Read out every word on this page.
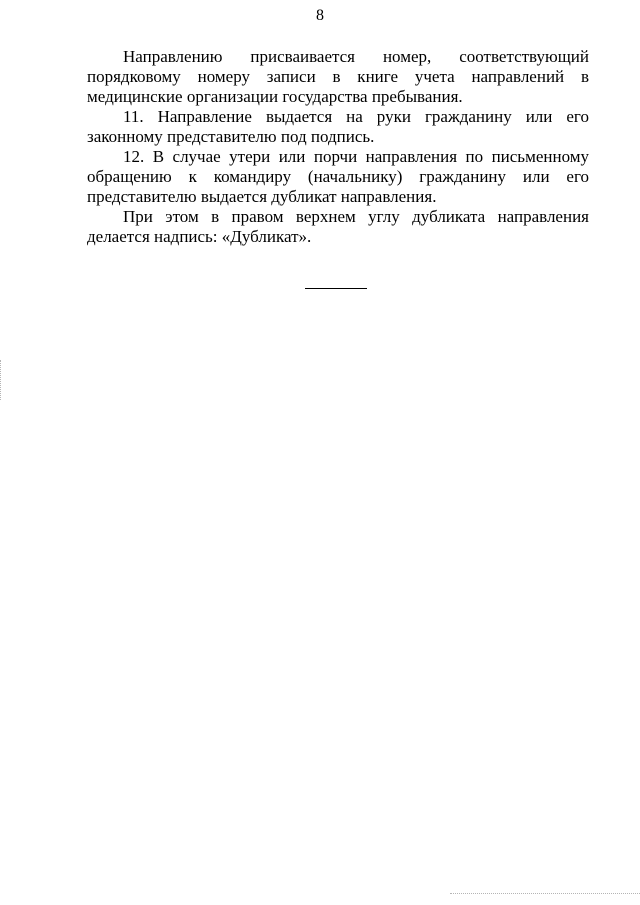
8

Направлению присваивается номер, соответствующий порядковому номеру записи в книге учета направлений в медицинские организации государства пребывания.

11. Направление выдается на руки гражданину или его законному представителю под подпись.

12. В случае утери или порчи направления по письменному обращению к командиру (начальнику) гражданину или его представителю выдается дубликат направления.

При этом в правом верхнем углу дубликата направления делается надпись: «Дубликат».
